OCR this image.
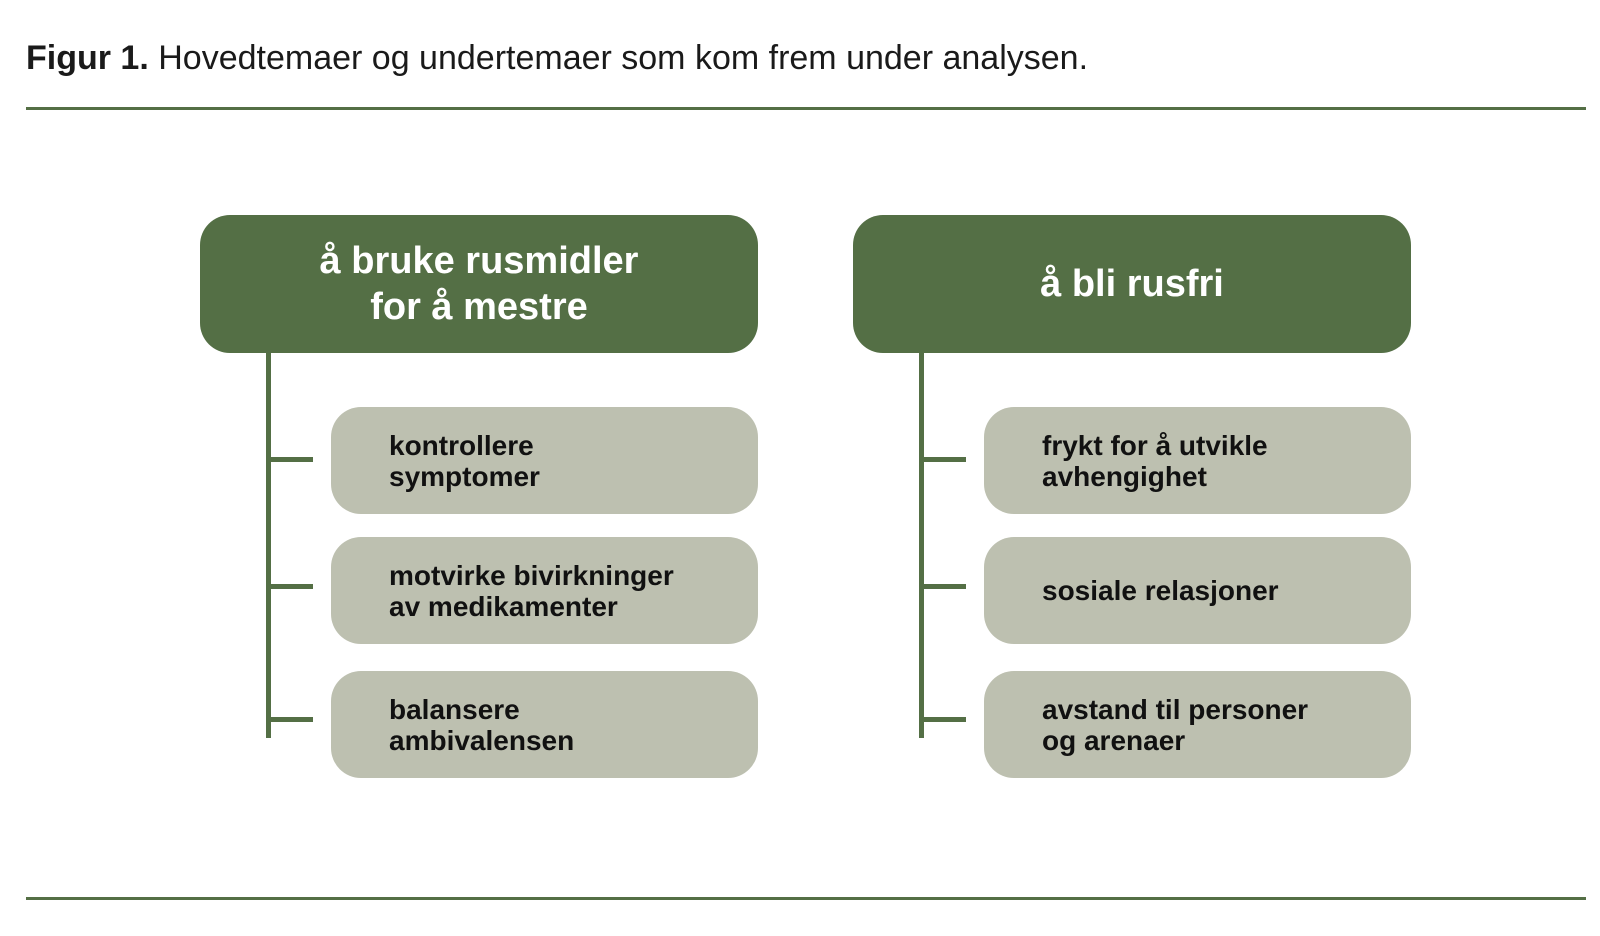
Figur 1. Hovedtemaer og undertemaer som kom frem under analysen.
å bruke rusmidler
for å mestre
kontrollere
symptomer
motvirke bivirkninger
av medikamenter
balansere
ambivalensen
å bli rusfri
frykt for å utvikle
avhengighet
sosiale relasjoner
avstand til personer
og arenaer
